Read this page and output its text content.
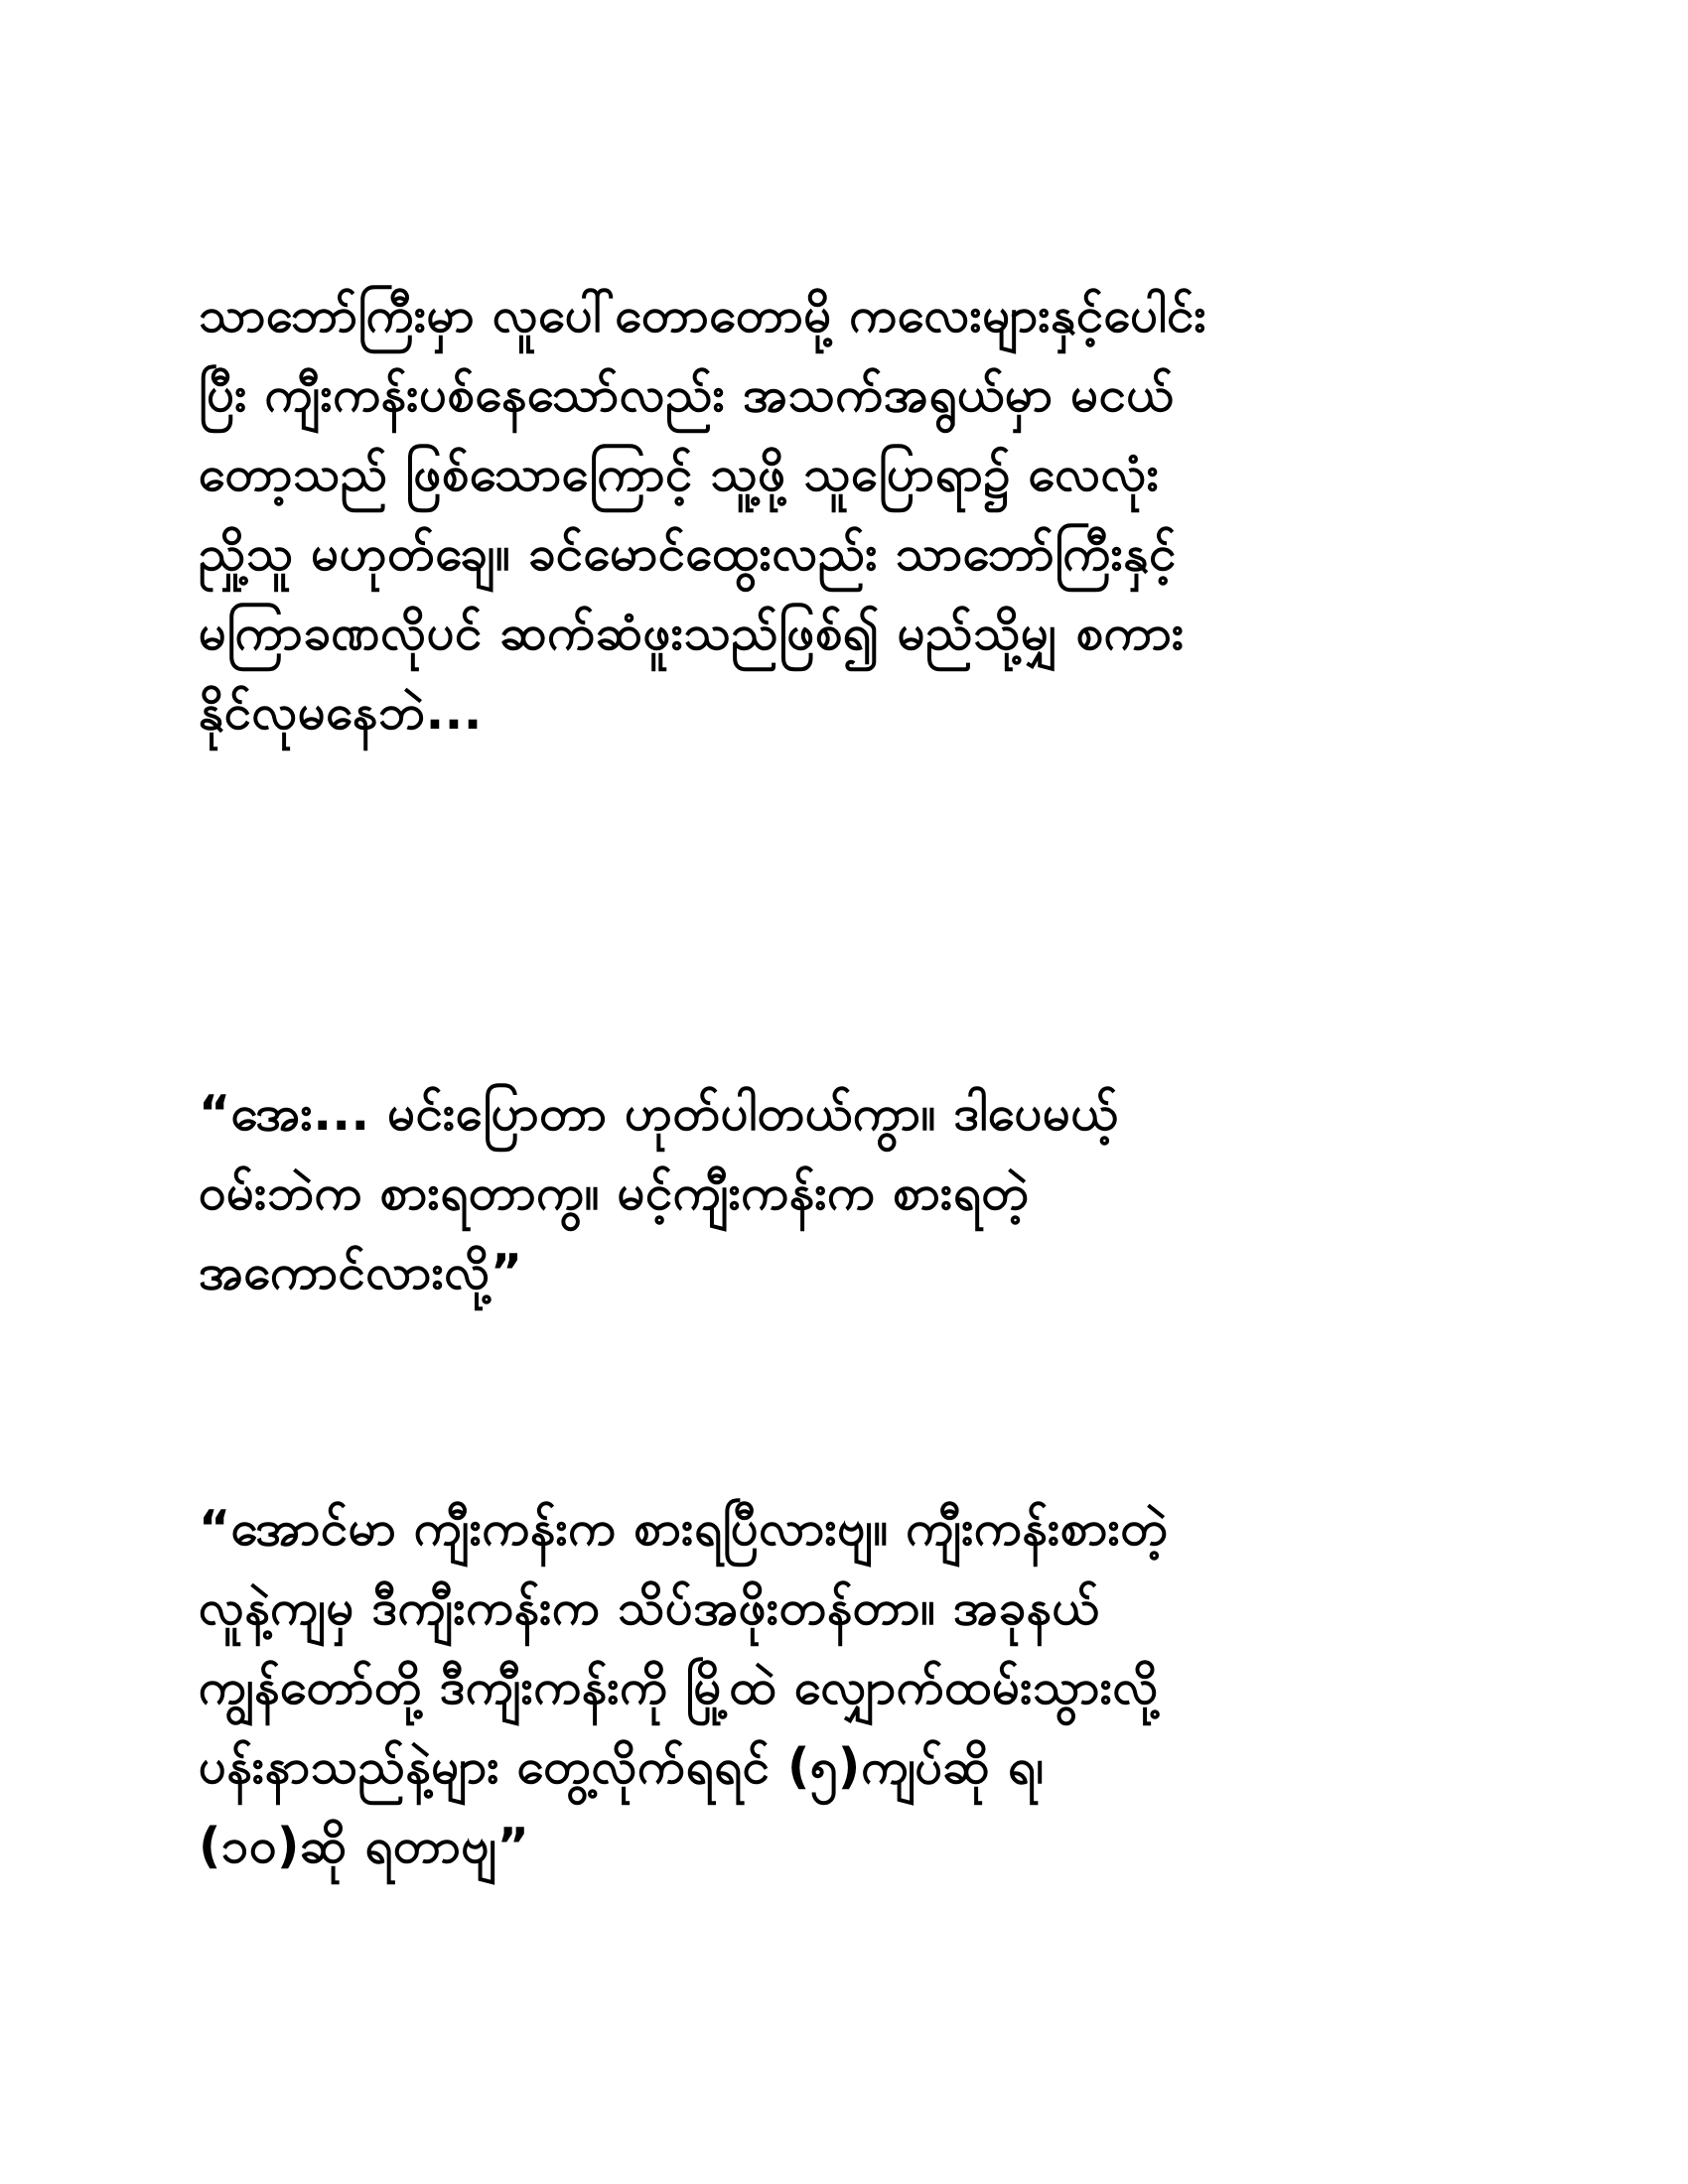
သာဘော်ကြီးမှာ လူပေါ်တောတောမို့ ကလေးများနှင့်ပေါင်း
ပြီး ကျီးကန်းပစ်နေသော်လည်း အသက်အရွယ်မှာ မငယ်
တော့သည် ဖြစ်သောကြောင့် သူ့ဖို့ သူပြောရာ၌ လေလုံး
ညှို့သူ မဟုတ်ချေ။ ခင်မောင်ထွေးလည်း သာဘော်ကြီးနှင့်
မကြာခဏလိုပင် ဆက်ဆံဖူးသည်ဖြစ်၍ မည်သို့မျှ စကား
နိုင်လုမနေဘဲ...

“အေး... မင်းပြောတာ ဟုတ်ပါတယ်ကွာ။ ဒါပေမယ့်
ဝမ်းဘဲက စားရတာကွ။ မင့်ကျီးကန်းက စားရတဲ့
အကောင်လားလို့”

“အောင်မာ ကျီးကန်းက စားရပြီလားဗျ။ ကျီးကန်းစားတဲ့
လူနဲ့ကျမှ ဒီကျီးကန်းက သိပ်အဖိုးတန်တာ။ အခုနယ်
ကျွန်တော်တို့ ဒီကျီးကန်းကို မြို့ထဲ လျှောက်ထမ်းသွားလို့
ပန်းနာသည်နဲ့များ တွေ့လိုက်ရရင် (၅)ကျပ်ဆို ရ၊
(၁၀)ဆို ရတာဗျ”
